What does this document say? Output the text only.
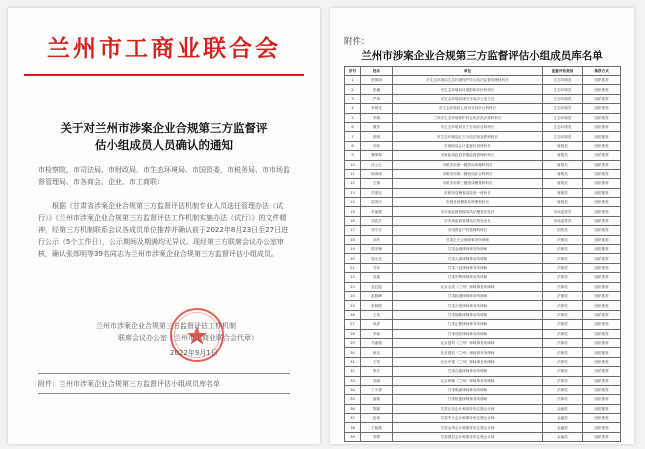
兰州市工商业联合会
关于对兰州市涉案企业合规第三方监督评
估小组成员人员确认的通知
市检察院，市司法局、市财政局、市生态环境局、市国资委，市税务局、市市场监督管理局、市各商会、企业、市工商联：
根据《甘肃省涉案企业合规第三方监督评估机制专业人员选任管理办法（试行）》《兰州市涉案企业合规第三方监督评估工作机制实施办法（试行）》的文件精神，经第三方机制联系会议各成员单位推荐并确认前于2022年8月23日至27日进行公示（5个工作日），公示期间及期满均无异议。现经第三方联席会议办公室审核，确认张郎明等39名同志为兰州市涉案企业合规第三方监督评估小组成员。
兰州市涉案企业合规第三方监督评估工作机制
联席会议办公室（兰州市工商业联合会代章）
2022年9月1日
附件：兰州市涉案企业合规第三方监督评估小组成员库名单
附件：
兰州市涉案企业合规第三方监督评估小组成员库名单
序号	姓名	单位	监督评估类别	推荐方式
1	张郎明	市生态环境局生态环境保护综合执法监督管理科科长	生态环境类	组织推荐
2	张巍	市生态环境局环境影响评价科科长	生态环境类	组织推荐
3	严琦	市生态环境局城关分局办公室主任	生态环境类	组织推荐
4	李晨光	市生态环境局七里河分局综合科科长	生态环境类	组织推荐
5	李娟	兰州市生态环境保护综合执法队法规科科长	生态环境类	组织推荐
6	董彤	市生态环境局安宁分局综合科科长	生态环境类	组织推荐
7	张明	市生态环境局红古分局法规宣教科科长	生态环境类	组织推荐
8	刘伟	市财政局会计监督检查科科长	财税类	组织推荐
9	曹翠翠	市财政局政府采购监督管理科科长	财税类	组织推荐
10	汪云云	市税务局第一稽查局审理科科长	财税类	组织推荐
11	杨海涛	市税务局第二稽查局综合科科长	财税类	组织推荐
12	王娟	市税务局第三稽查局稽查科科长	财税类	组织推荐
13	苏德光	市税务局稽查局检查一科科长	财税类	组织推荐
14	邵发庆	市税务局稽查局审理科科长	财税类	组织推荐
15	苏丽娟	市市场监督管理局执法稽查处处长	市场监管类	组织推荐
16	刘武杰	市市场监督管理局法规处处长	市场监管类	组织推荐
17	刘宁洁	市国资委产权管理科科长	国资类	组织推荐
18	刘杰	甘肃正天合律师事务所律师	法律类	组织推荐
19	郭冬梅	甘肃金城律师事务所律师	法律类	组织推荐
20	梁允亮	甘肃大禹律师事务所律师	法律类	组织推荐
21	马东	甘肃八冠律师事务所律师	法律类	组织推荐
22	吴建	甘肃中辉律师事务所律师	法律类	组织推荐
23	孟红霞	北京大成（兰州）律师事务所律师	法律类	组织推荐
24	赵晓峰	甘肃政纲律师事务所律师	法律类	组织推荐
25	张晓明	甘肃天恒律师事务所律师	法律类	组织推荐
26	王钧	甘肃瑞鼎律师事务所律师	法律类	组织推荐
27	郭虎	甘肃正鼎律师事务所律师	法律类	组织推荐
28	李丽	甘肃同欣律师事务所律师	法律类	组织推荐
29	马丽娟	北京盈科（兰州）律师事务所律师	法律类	组织推荐
30	杨洁	北京德恒（兰州）律师事务所律师	法律类	组织推荐
31	王军	北京中银（兰州）律师事务所律师	法律类	组织推荐
32	张宏	甘肃合睿律师事务所律师	法律类	组织推荐
33	刘涛	北京炜衡（兰州）律师事务所律师	法律类	组织推荐
34	丁小勇	甘肃明睿律师事务所律师	法律类	组织推荐
35	唐敏	甘肃恒通律师事务所律师	法律类	组织推荐
36	陈颖	甘肃正信会计师事务所注册会计师	金融类	组织推荐
37	赵伟	甘肃中天会计师事务所注册会计师	金融类	组织推荐
38	王晓燕	甘肃金华会计师事务所注册会计师	金融类	组织推荐
39	李婷	甘肃德信会计师事务所注册会计师	金融类	组织推荐
